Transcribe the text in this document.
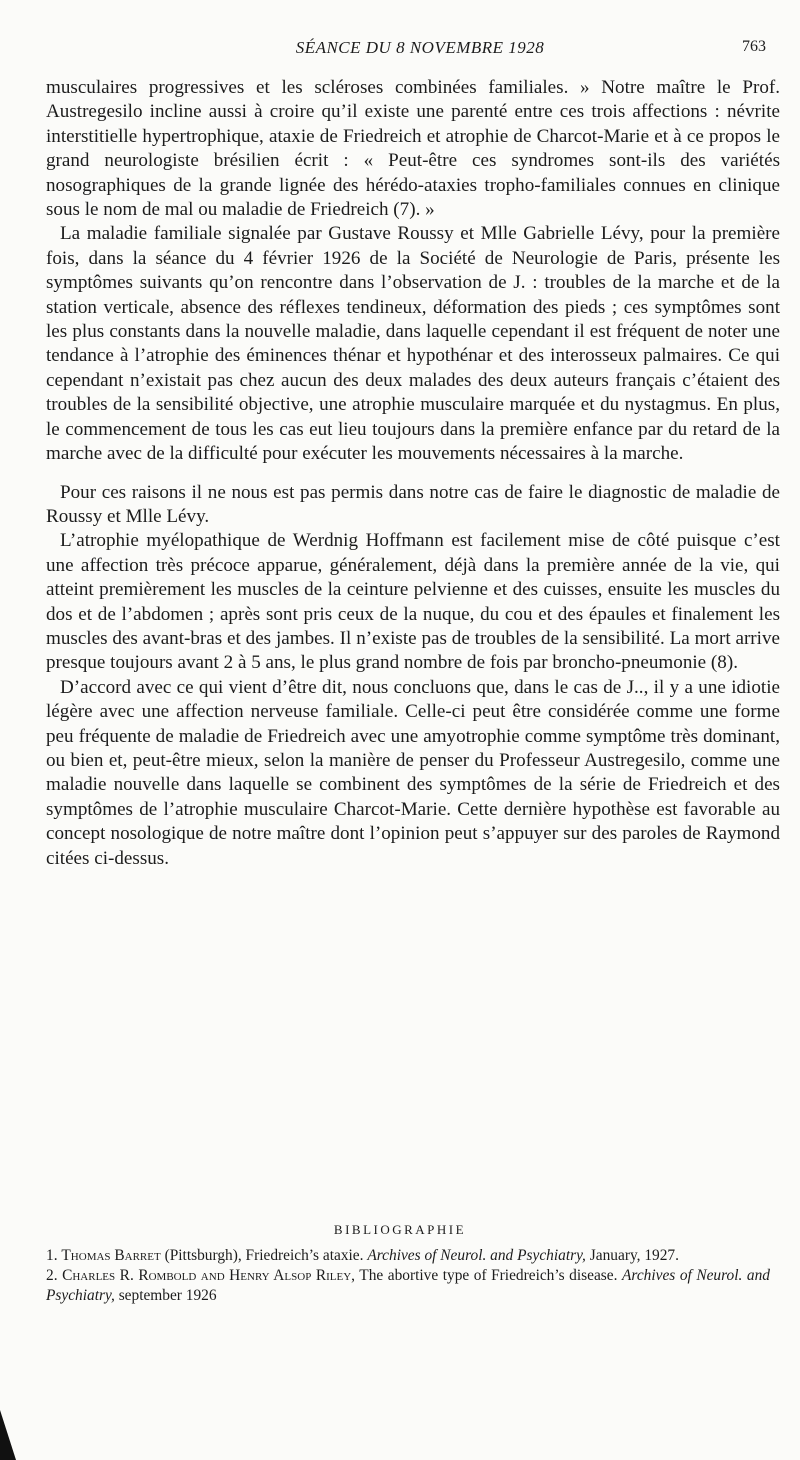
SÉANCE DU 8 NOVEMBRE 1928	763

musculaires progressives et les scléroses combinées familiales. » Notre maître le Prof. Austregesilo incline aussi à croire qu’il existe une parenté entre ces trois affections : névrite interstitielle hypertrophique, ataxie de Friedreich et atrophie de Charcot-Marie et à ce propos le grand neurologiste brésilien écrit : « Peut-être ces syndromes sont-ils des variétés nosographiques de la grande lignée des hérédo-ataxies tropho-familiales connues en clinique sous le nom de mal ou maladie de Friedreich (7). »

La maladie familiale signalée par Gustave Roussy et Mlle Gabrielle Lévy, pour la première fois, dans la séance du 4 février 1926 de la Société de Neurologie de Paris, présente les symptômes suivants qu’on rencontre dans l’observation de J. : troubles de la marche et de la station verticale, absence des réflexes tendineux, déformation des pieds ; ces symptômes sont les plus constants dans la nouvelle maladie, dans laquelle cependant il est fréquent de noter une tendance à l’atrophie des éminences thénar et hypothénar et des interosseux palmaires. Ce qui cependant n’existait pas chez aucun des deux malades des deux auteurs français c’étaient des troubles de la sensibilité objective, une atrophie musculaire marquée et du nystagmus. En plus, le commencement de tous les cas eut lieu toujours dans la première enfance par du retard de la marche avec de la difficulté pour exécuter les mouvements nécessaires à la marche.

Pour ces raisons il ne nous est pas permis dans notre cas de faire le diagnostic de maladie de Roussy et Mlle Lévy.

L’atrophie myélopathique de Werdnig Hoffmann est facilement mise de côté puisque c’est une affection très précoce apparue, généralement, déjà dans la première année de la vie, qui atteint premièrement les muscles de la ceinture pelvienne et des cuisses, ensuite les muscles du dos et de l’abdomen ; après sont pris ceux de la nuque, du cou et des épaules et finalement les muscles des avant-bras et des jambes. Il n’existe pas de troubles de la sensibilité. La mort arrive presque toujours avant 2 à 5 ans, le plus grand nombre de fois par broncho-pneumonie (8).

D’accord avec ce qui vient d’être dit, nous concluons que, dans le cas de J.., il y a une idiotie légère avec une affection nerveuse familiale. Celle-ci peut être considérée comme une forme peu fréquente de maladie de Friedreich avec une amyotrophie comme symptôme très dominant, ou bien et, peut-être mieux, selon la manière de penser du Professeur Austregesilo, comme une maladie nouvelle dans laquelle se combinent des symptômes de la série de Friedreich et des symptômes de l’atrophie musculaire Charcot-Marie. Cette dernière hypothèse est favorable au concept nosologique de notre maître dont l’opinion peut s’appuyer sur des paroles de Raymond citées ci-dessus.

BIBLIOGRAPHIE

1. Thomas Barret (Pittsburgh), Friedreich’s ataxie. Archives of Neurol. and Psychiatry, January, 1927.

2. Charles R. Rombold and Henry Alsop Riley, The abortive type of Friedreich’s disease. Archives of Neurol. and Psychiatry, september 1926
